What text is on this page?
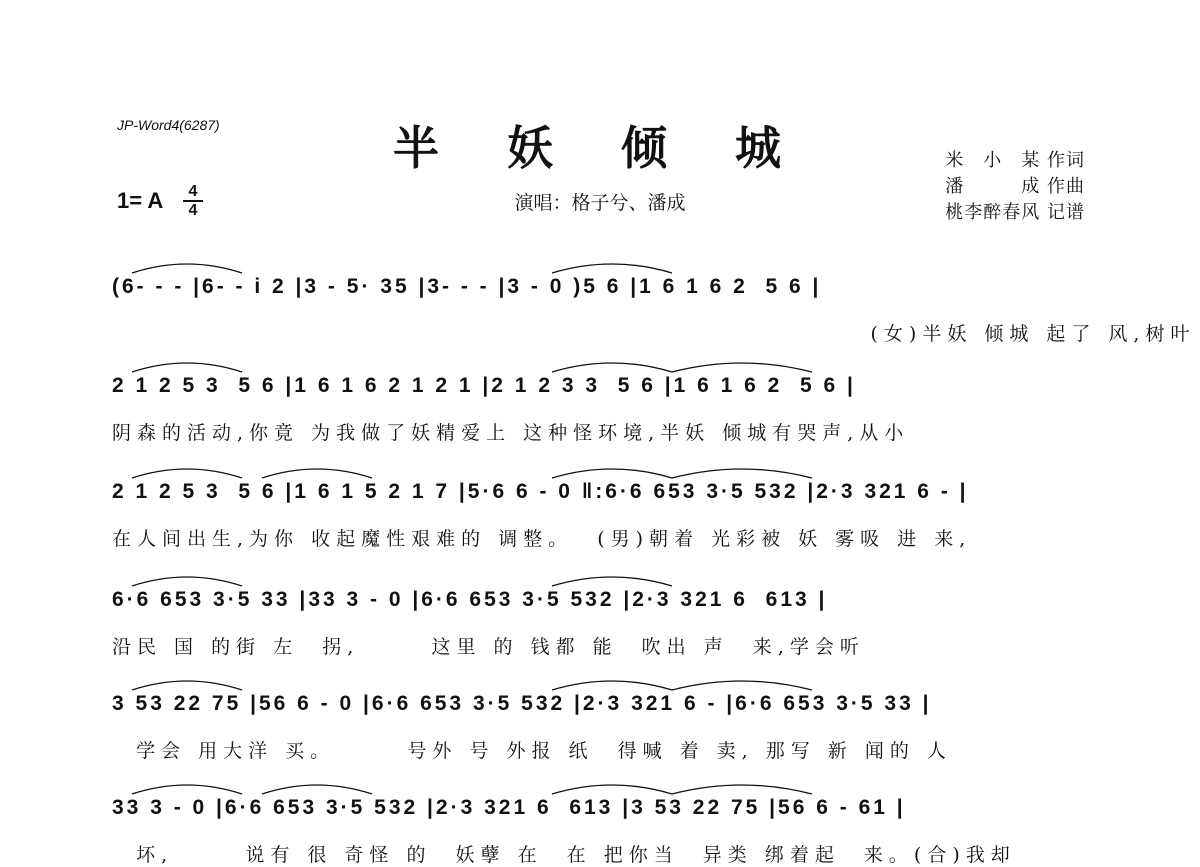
JP-Word4(6287)	半 妖 倾 城
1= A	4
4	演唱：格子兮、潘成
米　小　某 作词
潘　　　成 作曲
桃李醉春风 记谱
(6- - - |6- - i 2 |3 - 5· 35 |3- - - |3 - 0 )5 6 |1 6 1 6 2  5 6 |
(女)半妖 倾城 起了 风,树叶
2 1 2 5 3  5 6 |1 6 1 6 2 1 2 1 |2 1 2 3 3  5 6 |1 6 1 6 2  5 6 |
阴森的活动,你竟 为我做了妖精爱上 这种怪环境,半妖 倾城有哭声,从小
2 1 2 5 3  5 6 |1 6 1 5 2 1 7 |5·6 6 - 0 ‖:6·6 653 3·5 532 |2·3 321 6 - |
在人间出生,为你 收起魔性艰难的 调整。  (男)朝着 光彩被 妖 雾吸 进 来,
6·6 653 3·5 33 |33 3 - 0 |6·6 653 3·5 532 |2·3 321 6  613 |
沿民 国 的街 左  拐,      这里 的 钱都 能  吹出 声  来,学会听
3 53 22 75 |56 6 - 0 |6·6 653 3·5 532 |2·3 321 6 - |6·6 653 3·5 33 |
学会 用大洋 买。      号外 号 外报 纸  得喊 着 卖, 那写 新 闻的 人
33 3 - 0 |6·6 653 3·5 532 |2·3 321 6  613 |3 53 22 75 |56 6 - 61 |
坏,      说有 很 奇怪 的  妖孽 在  在 把你当  异类 绑着起  来。(合)我却
